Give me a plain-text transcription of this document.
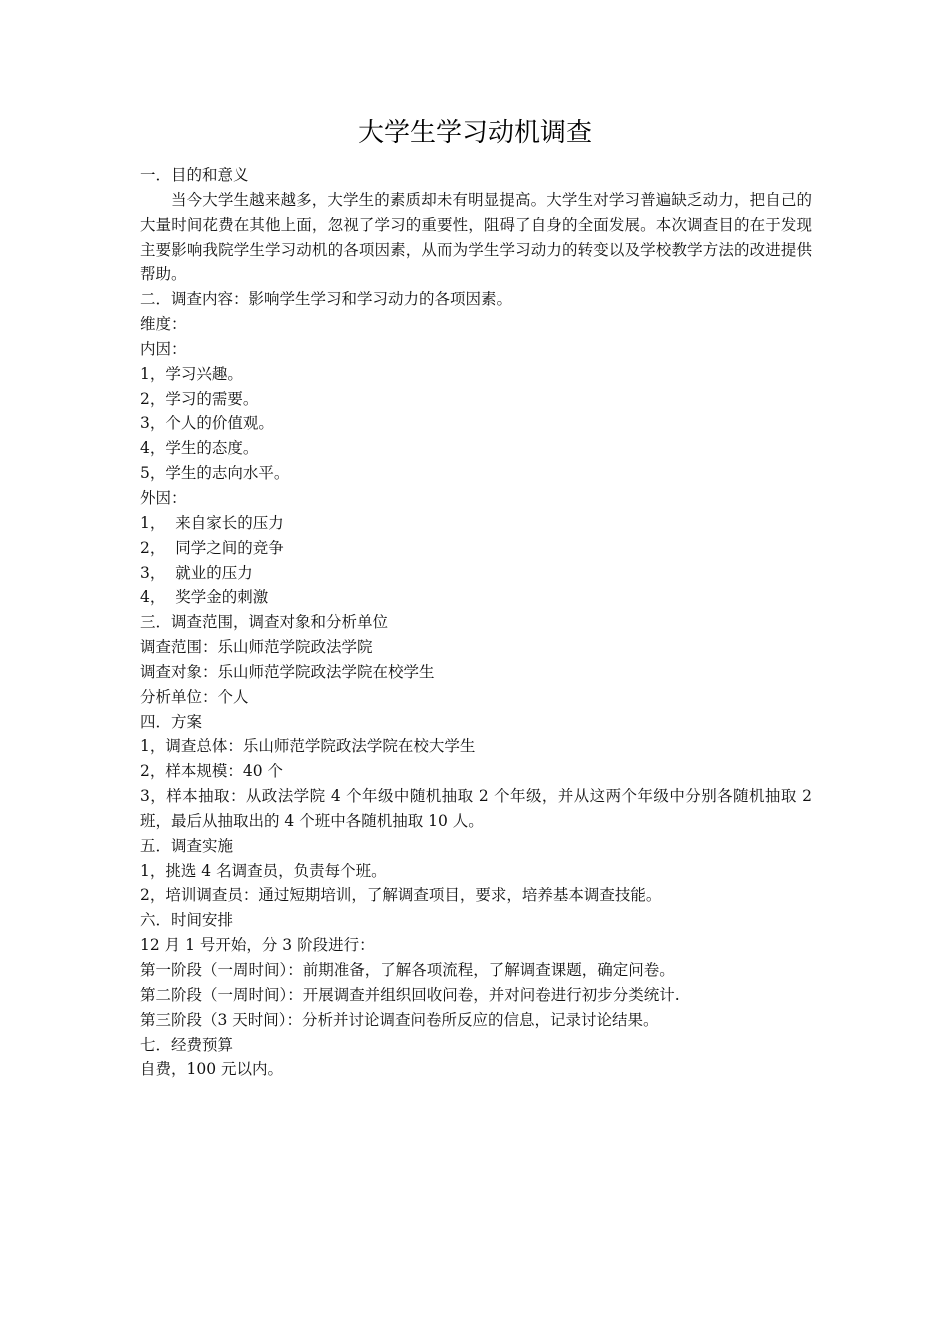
大学生学习动机调查
一．目的和意义

当今大学生越来越多，大学生的素质却未有明显提高。大学生对学习普遍缺乏动力，把自己的大量时间花费在其他上面，忽视了学习的重要性，阻碍了自身的全面发展。本次调查目的在于发现主要影响我院学生学习动机的各项因素，从而为学生学习动力的转变以及学校教学方法的改进提供帮助。

二．调查内容：影响学生学习和学习动力的各项因素。
维度：
内因：
1，学习兴趣。
2，学习的需要。
3，个人的价值观。
4，学生的态度。
5，学生的志向水平。
外因：
1，  来自家长的压力
2，  同学之间的竞争
3，  就业的压力
4，  奖学金的刺激
三．调查范围，调查对象和分析单位
调查范围：乐山师范学院政法学院
调查对象：乐山师范学院政法学院在校学生
分析单位：个人
四．方案
1，调查总体：乐山师范学院政法学院在校大学生
2，样本规模：40 个

3，样本抽取：从政法学院 4 个年级中随机抽取 2 个年级，并从这两个年级中分别各随机抽取 2 班，最后从抽取出的 4 个班中各随机抽取 10 人。

五．调查实施
1，挑选 4 名调查员，负责每个班。
2，培训调查员：通过短期培训，了解调查项目，要求，培养基本调查技能。
六．时间安排
12 月 1 号开始，分 3 阶段进行：
第一阶段（一周时间）：前期准备，了解各项流程，了解调查课题，确定问卷。
第二阶段（一周时间）：开展调查并组织回收问卷，并对问卷进行初步分类统计.
第三阶段（3 天时间）：分析并讨论调查问卷所反应的信息，记录讨论结果。
七．经费预算
自费，100 元以内。
